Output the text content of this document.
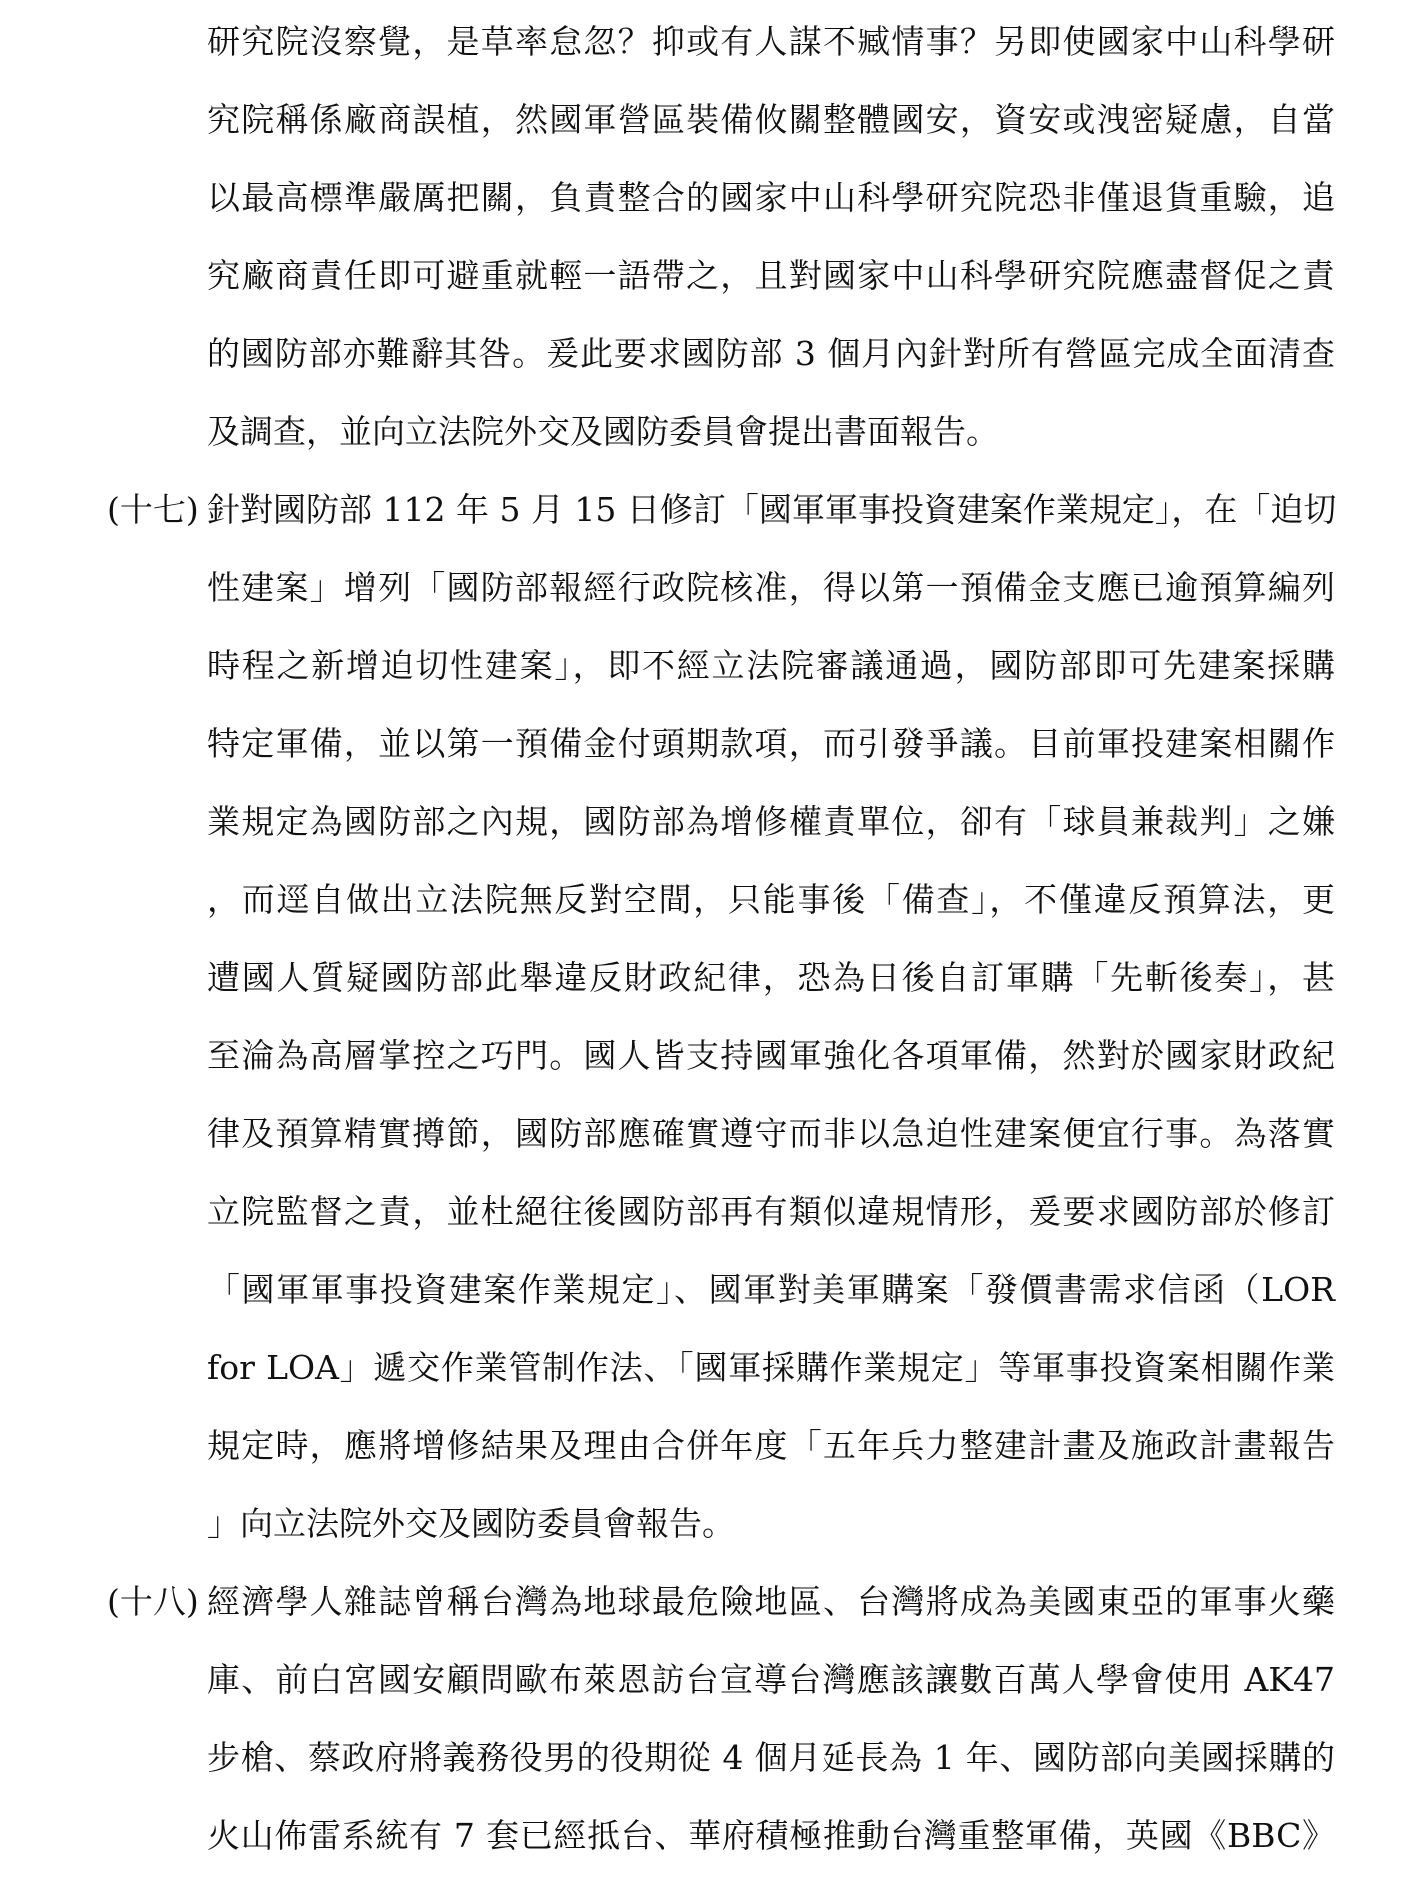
研究院沒察覺，是草率怠忽？抑或有人謀不臧情事？另即使國家中山科學研
究院稱係廠商誤植，然國軍營區裝備攸關整體國安，資安或洩密疑慮，自當
以最高標準嚴厲把關，負責整合的國家中山科學研究院恐非僅退貨重驗，追
究廠商責任即可避重就輕一語帶之，且對國家中山科學研究院應盡督促之責
的國防部亦難辭其咎。爰此要求國防部 3 個月內針對所有營區完成全面清查
及調查，並向立法院外交及國防委員會提出書面報告。
(十七) 針對國防部 112 年 5 月 15 日修訂「國軍軍事投資建案作業規定」，在「迫切
性建案」增列「國防部報經行政院核准，得以第一預備金支應已逾預算編列
時程之新增迫切性建案」，即不經立法院審議通過，國防部即可先建案採購
特定軍備，並以第一預備金付頭期款項，而引發爭議。目前軍投建案相關作
業規定為國防部之內規，國防部為增修權責單位，卻有「球員兼裁判」之嫌
，而逕自做出立法院無反對空間，只能事後「備查」，不僅違反預算法，更
遭國人質疑國防部此舉違反財政紀律，恐為日後自訂軍購「先斬後奏」，甚
至淪為高層掌控之巧門。國人皆支持國軍強化各項軍備，然對於國家財政紀
律及預算精實撙節，國防部應確實遵守而非以急迫性建案便宜行事。為落實
立院監督之責，並杜絕往後國防部再有類似違規情形，爰要求國防部於修訂
「國軍軍事投資建案作業規定」、國軍對美軍購案「發價書需求信函（LOR
for LOA」遞交作業管制作法、「國軍採購作業規定」等軍事投資案相關作業
規定時，應將增修結果及理由合併年度「五年兵力整建計畫及施政計畫報告
」向立法院外交及國防委員會報告。
(十八) 經濟學人雜誌曾稱台灣為地球最危險地區、台灣將成為美國東亞的軍事火藥
庫、前白宮國安顧問歐布萊恩訪台宣導台灣應該讓數百萬人學會使用 AK47
步槍、蔡政府將義務役男的役期從 4 個月延長為 1 年、國防部向美國採購的
火山佈雷系統有 7 套已經抵台、華府積極推動台灣重整軍備，英國《BBC》
